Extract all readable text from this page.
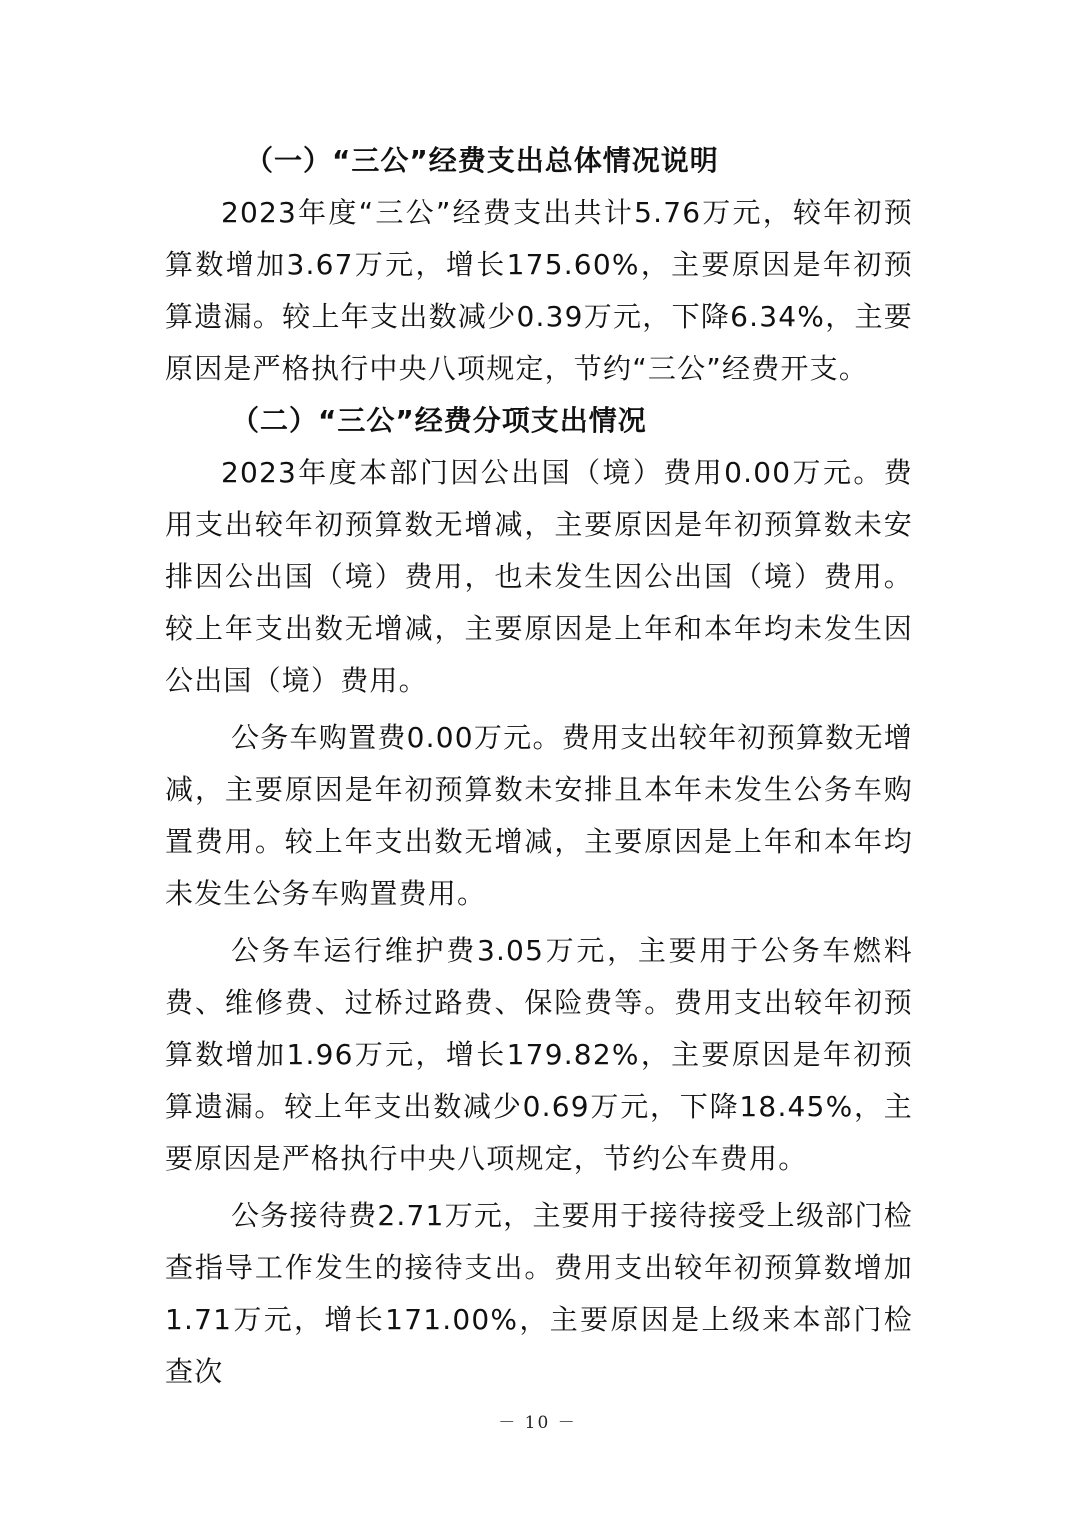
（一）“三公”经费支出总体情况说明

2023年度“三公”经费支出共计5.76万元，较年初预算数增加3.67万元，增长175.60%，主要原因是年初预算遗漏。较上年支出数减少0.39万元，下降6.34%，主要原因是严格执行中央八项规定，节约“三公”经费开支。

（二）“三公”经费分项支出情况

2023年度本部门因公出国（境）费用0.00万元。费用支出较年初预算数无增减，主要原因是年初预算数未安排因公出国（境）费用，也未发生因公出国（境）费用。较上年支出数无增减，主要原因是上年和本年均未发生因公出国（境）费用。

公务车购置费0.00万元。费用支出较年初预算数无增减，主要原因是年初预算数未安排且本年未发生公务车购置费用。较上年支出数无增减，主要原因是上年和本年均未发生公务车购置费用。

公务车运行维护费3.05万元，主要用于公务车燃料费、维修费、过桥过路费、保险费等。费用支出较年初预算数增加1.96万元，增长179.82%，主要原因是年初预算遗漏。较上年支出数减少0.69万元，下降18.45%，主要原因是严格执行中央八项规定，节约公车费用。

公务接待费2.71万元，主要用于接待接受上级部门检查指导工作发生的接待支出。费用支出较年初预算数增加1.71万元，增长171.00%，主要原因是上级来本部门检查次

－ 10 －
